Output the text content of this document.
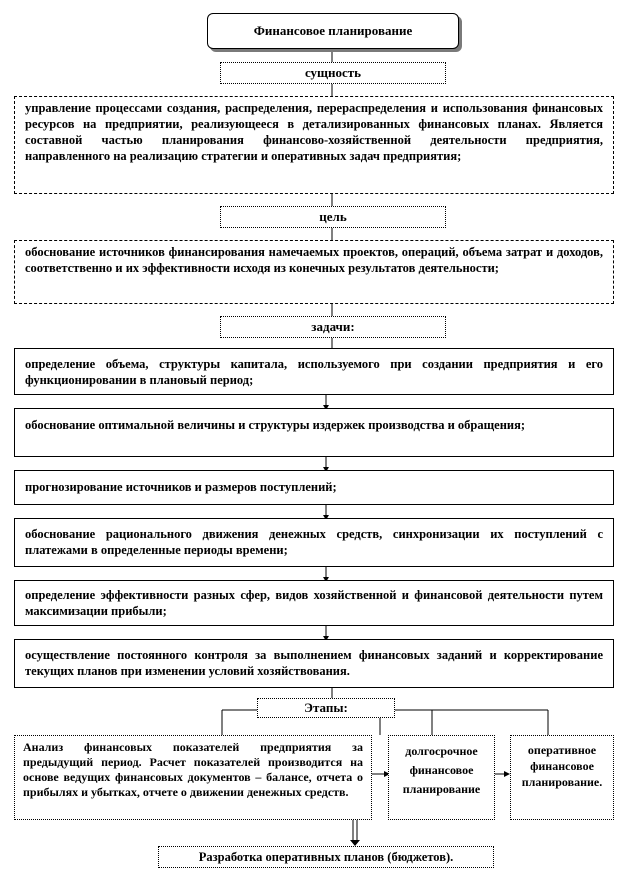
Финансовое планирование
сущность
управление процессами создания, распределения, перераспределения и использования финансовых ресурсов на предприятии, реализующееся в детализированных финансовых планах. Является составной частью планирования финансово-хозяйственной деятельности предприятия, направленного на реализацию стратегии и оперативных задач предприятия;
цель
обоснование источников финансирования намечаемых проектов, операций, объема затрат и доходов, соответственно и их эффективности исходя из конечных результатов деятельности;
задачи:
определение объема, структуры капитала, используемого при создании предприятия и его функционировании в плановый период;
обоснование оптимальной величины и структуры издержек производства и обращения;
прогнозирование источников и размеров поступлений;
обоснование рационального движения денежных средств, синхронизации их поступлений с платежами в определенные периоды времени;
определение эффективности разных сфер, видов хозяйственной и финансовой деятельности путем максимизации прибыли;
осуществление постоянного контроля за выполнением финансовых заданий и корректирование текущих планов при изменении условий хозяйствования.
Этапы:
Анализ финансовых показателей предприятия за предыдущий период. Расчет показателей производится на основе ведущих финансовых документов – балансе, отчета о прибылях и убытках, отчете о движении денежных средств.
долгосрочное финансовое планирование
оперативное финансовое планирование.
Разработка оперативных планов (бюджетов).
